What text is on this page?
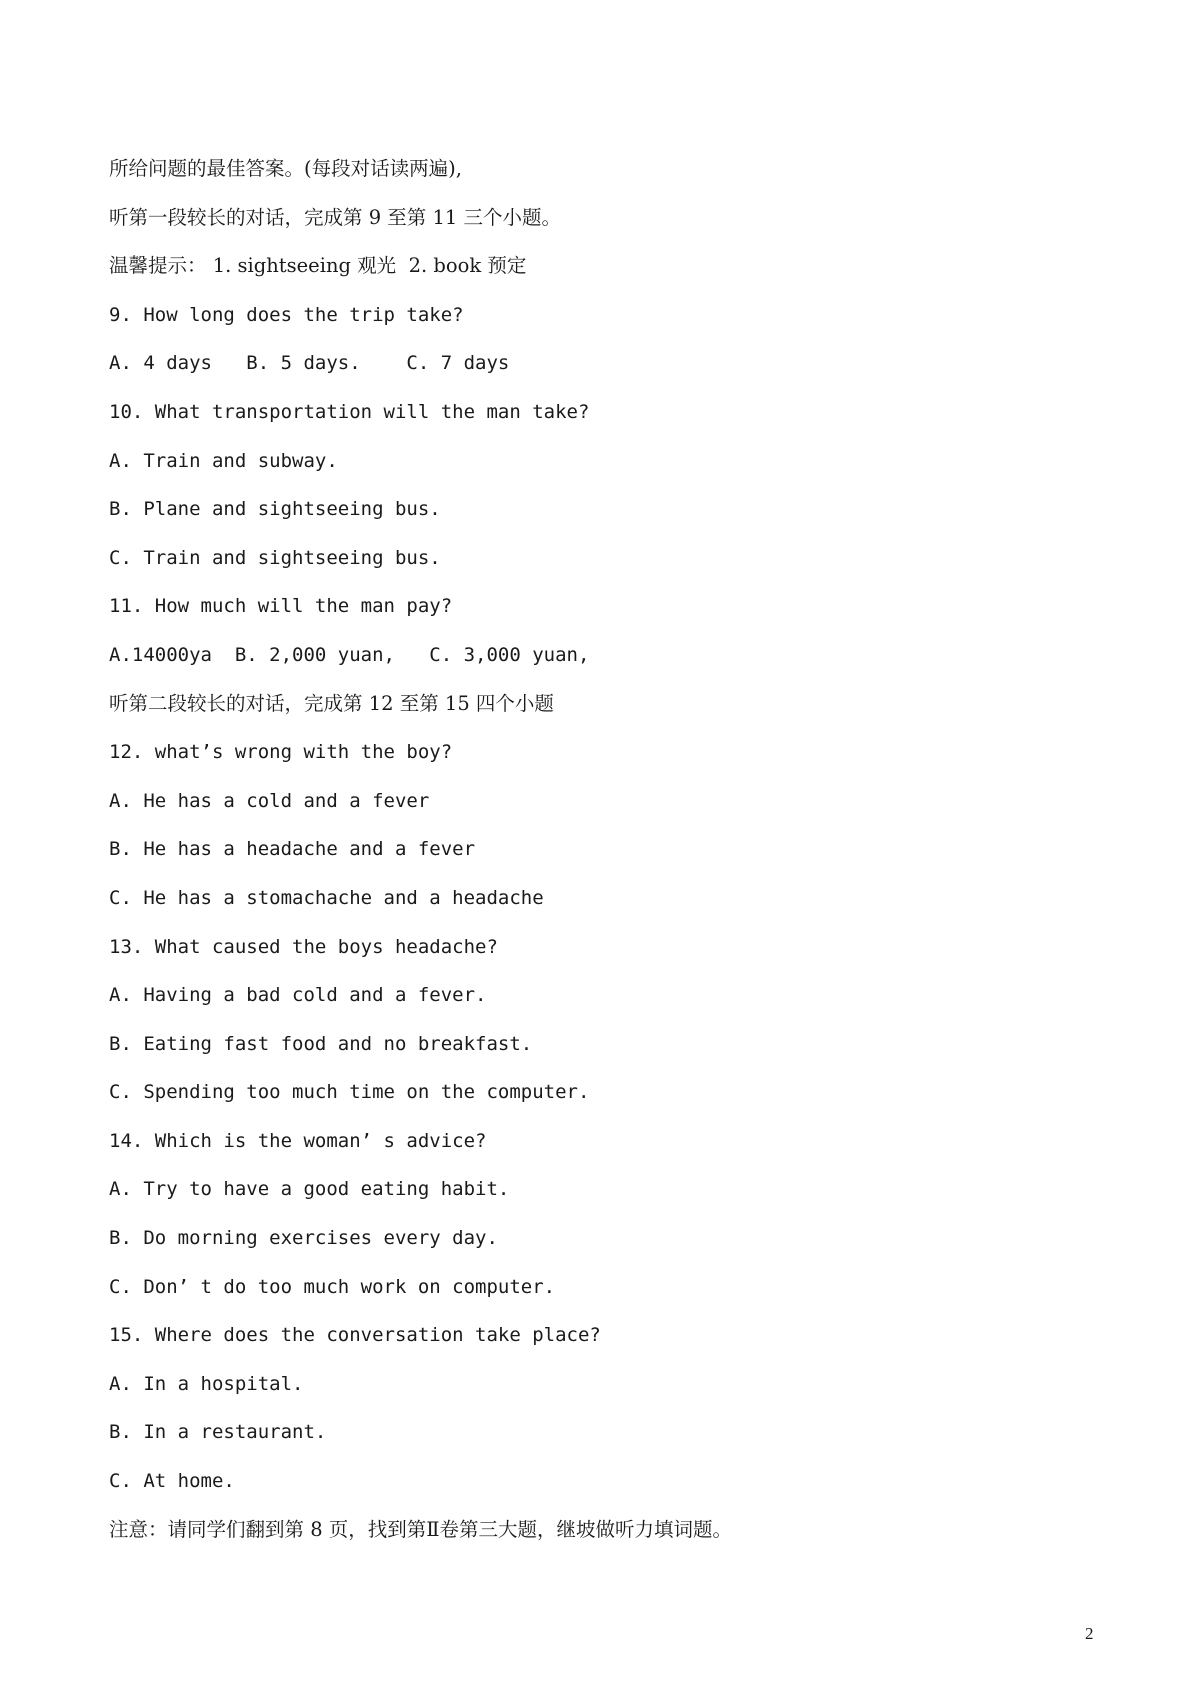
所给问题的最佳答案。(每段对话读两遍),
听第一段较长的对话，完成第 9 至第 11 三个小题。
温馨提示： 1. sightseeing 观光  2. book 预定
9. How long does the trip take?
A. 4 days   B. 5 days.    C. 7 days
10. What transportation will the man take?
A. Train and subway.
B. Plane and sightseeing bus.
C. Train and sightseeing bus.
11. How much will the man pay?
A.14000ya  B. 2,000 yuan,   C. 3,000 yuan,
听第二段较长的对话，完成第 12 至第 15 四个小题
12. what’s wrong with the boy?
A. He has a cold and a fever
B. He has a headache and a fever
C. He has a stomachache and a headache
13. What caused the boys headache?
A. Having a bad cold and a fever.
B. Eating fast food and no breakfast.
C. Spending too much time on the computer.
14. Which is the woman’ s advice?
A. Try to have a good eating habit.
B. Do morning exercises every day.
C. Don’ t do too much work on computer.
15. Where does the conversation take place?
A. In a hospital.
B. In a restaurant.
C. At home.
注意：请同学们翻到第 8 页，找到第Ⅱ卷第三大题，继坡做听力填词题。
2
